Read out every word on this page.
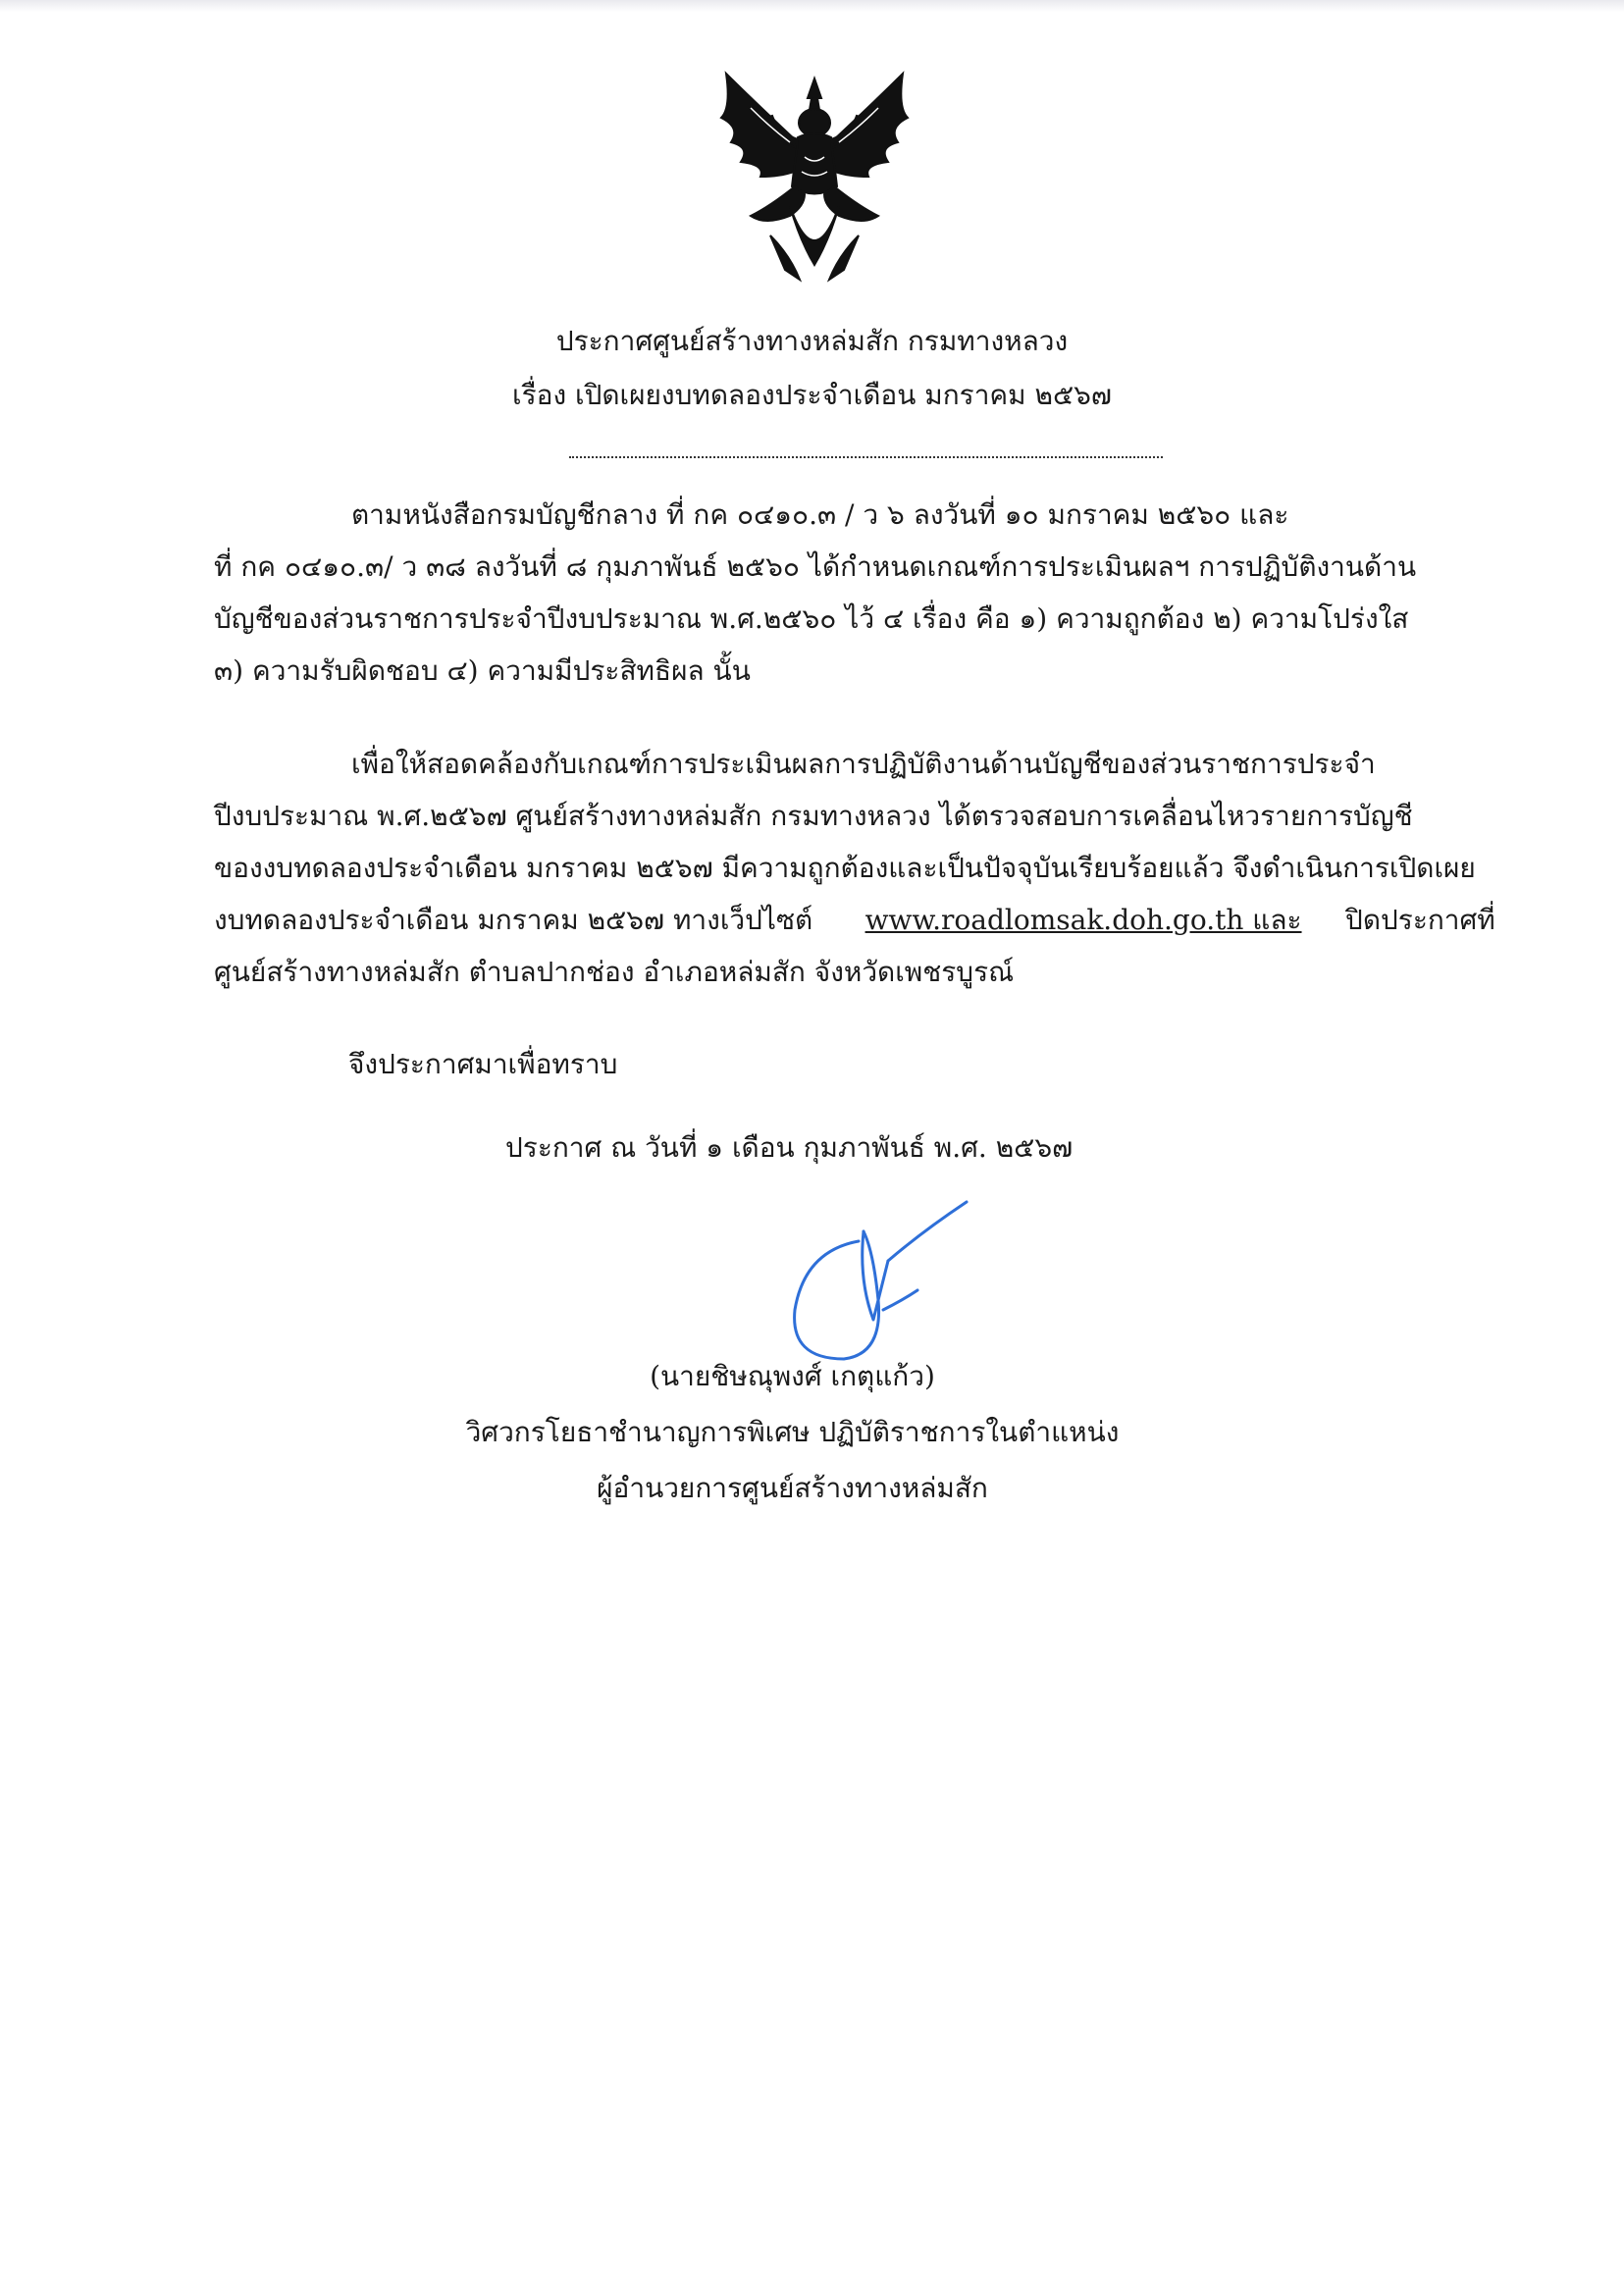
ประกาศศูนย์สร้างทางหล่มสัก กรมทางหลวง
เรื่อง เปิดเผยงบทดลองประจำเดือน มกราคม ๒๕๖๗
ตามหนังสือกรมบัญชีกลาง ที่ กค ๐๔๑๐.๓ / ว ๖ ลงวันที่ ๑๐ มกราคม ๒๕๖๐ และ
ที่ กค ๐๔๑๐.๓/ ว ๓๘ ลงวันที่ ๘ กุมภาพันธ์ ๒๕๖๐ ได้กำหนดเกณฑ์การประเมินผลฯ การปฏิบัติงานด้าน
บัญชีของส่วนราชการประจำปีงบประมาณ พ.ศ.๒๕๖๐ ไว้ ๔ เรื่อง คือ ๑) ความถูกต้อง ๒) ความโปร่งใส
๓) ความรับผิดชอบ ๔) ความมีประสิทธิผล นั้น
เพื่อให้สอดคล้องกับเกณฑ์การประเมินผลการปฏิบัติงานด้านบัญชีของส่วนราชการประจำ
ปีงบประมาณ พ.ศ.๒๕๖๗ ศูนย์สร้างทางหล่มสัก กรมทางหลวง ได้ตรวจสอบการเคลื่อนไหวรายการบัญชี
ของงบทดลองประจำเดือน มกราคม ๒๕๖๗ มีความถูกต้องและเป็นปัจจุบันเรียบร้อยแล้ว จึงดำเนินการเปิดเผย
งบทดลองประจำเดือน มกราคม ๒๕๖๗ ทางเว็ปไซต์ www.roadlomsak.doh.go.th และ ปิดประกาศที่
ศูนย์สร้างทางหล่มสัก ตำบลปากช่อง อำเภอหล่มสัก จังหวัดเพชรบูรณ์
จึงประกาศมาเพื่อทราบ
ประกาศ ณ วันที่ ๑ เดือน กุมภาพันธ์ พ.ศ. ๒๕๖๗
(นายชิษณุพงศ์ เกตุแก้ว)
วิศวกรโยธาชำนาญการพิเศษ ปฏิบัติราชการในตำแหน่ง
ผู้อำนวยการศูนย์สร้างทางหล่มสัก
